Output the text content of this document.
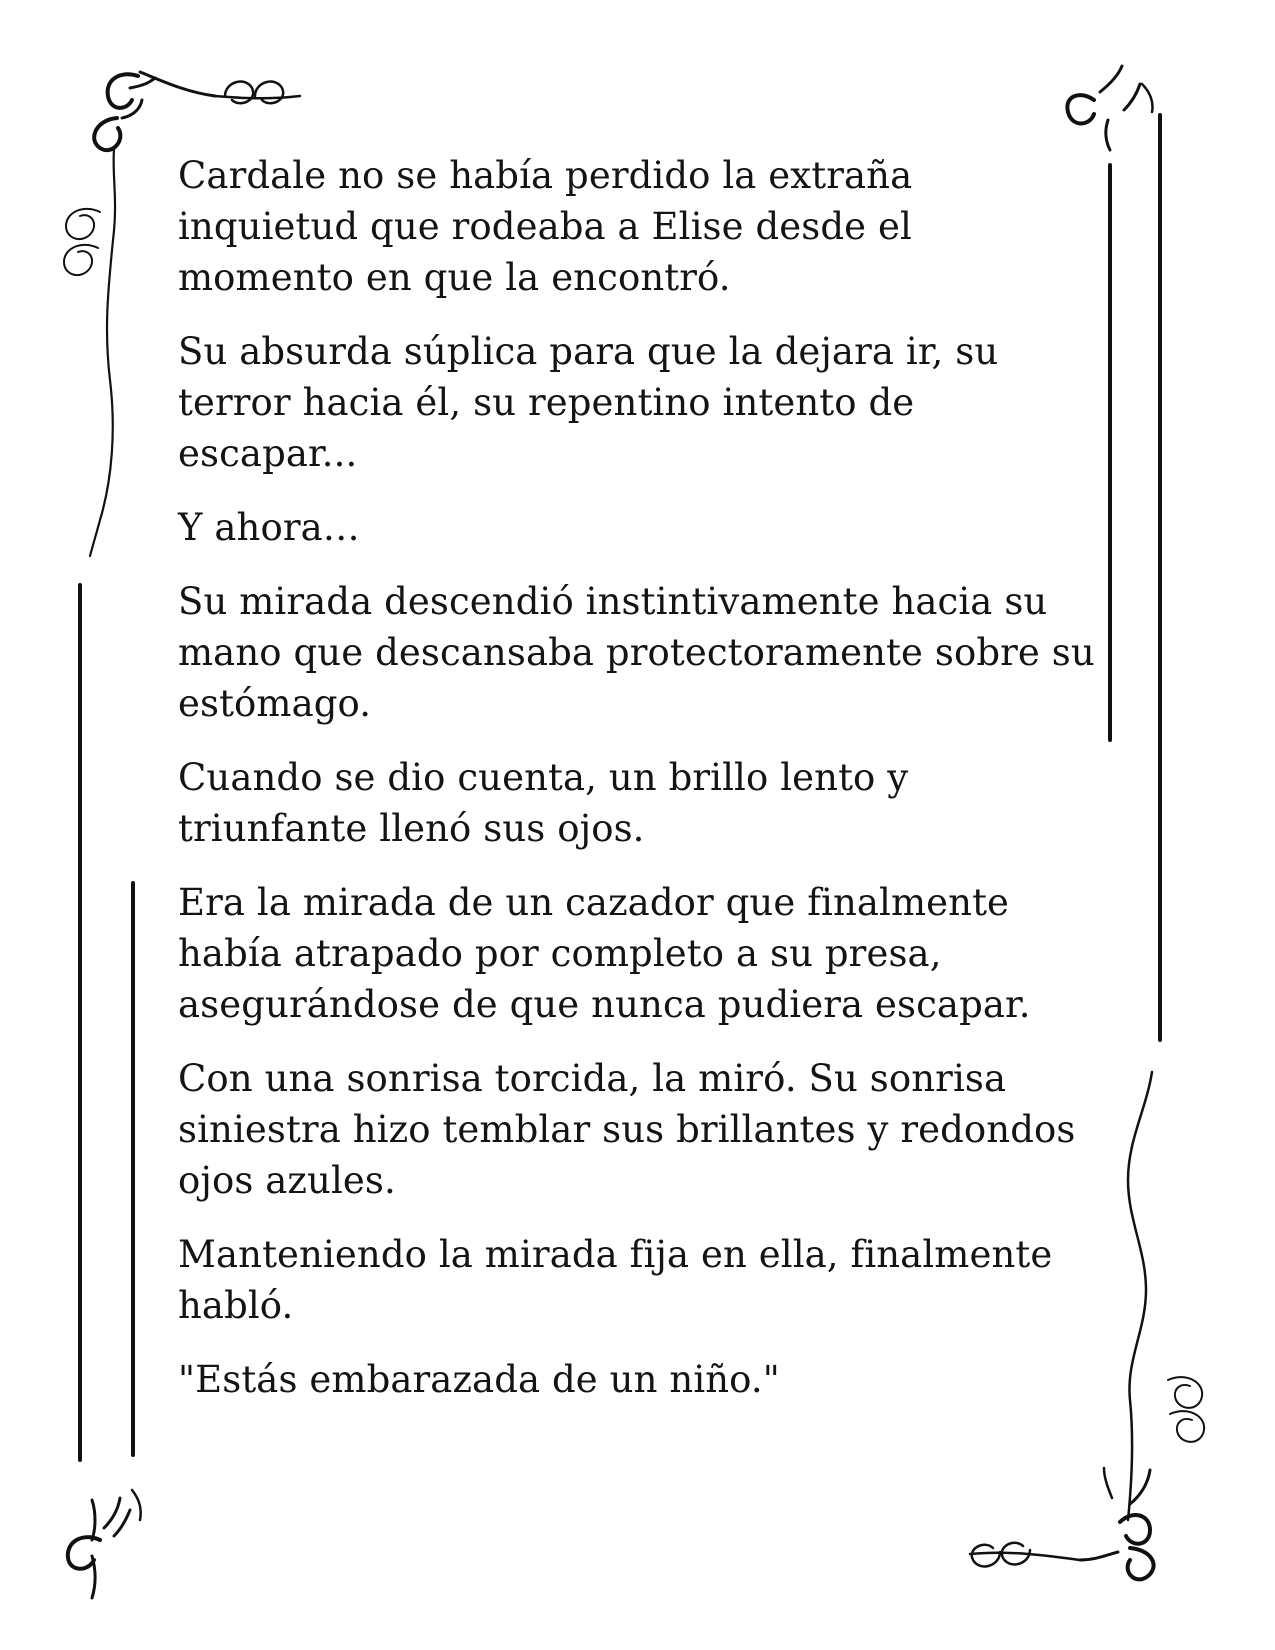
Cardale no se había perdido la extraña
inquietud que rodeaba a Elise desde el
momento en que la encontró.

Su absurda súplica para que la dejara ir, su
terror hacia él, su repentino intento de
escapar...

Y ahora…

Su mirada descendió instintivamente hacia su
mano que descansaba protectoramente sobre su
estómago.

Cuando se dio cuenta, un brillo lento y
triunfante llenó sus ojos.

Era la mirada de un cazador que finalmente
había atrapado por completo a su presa,
asegurándose de que nunca pudiera escapar.

Con una sonrisa torcida, la miró. Su sonrisa
siniestra hizo temblar sus brillantes y redondos
ojos azules.

Manteniendo la mirada fija en ella, finalmente
habló.

"Estás embarazada de un niño."
